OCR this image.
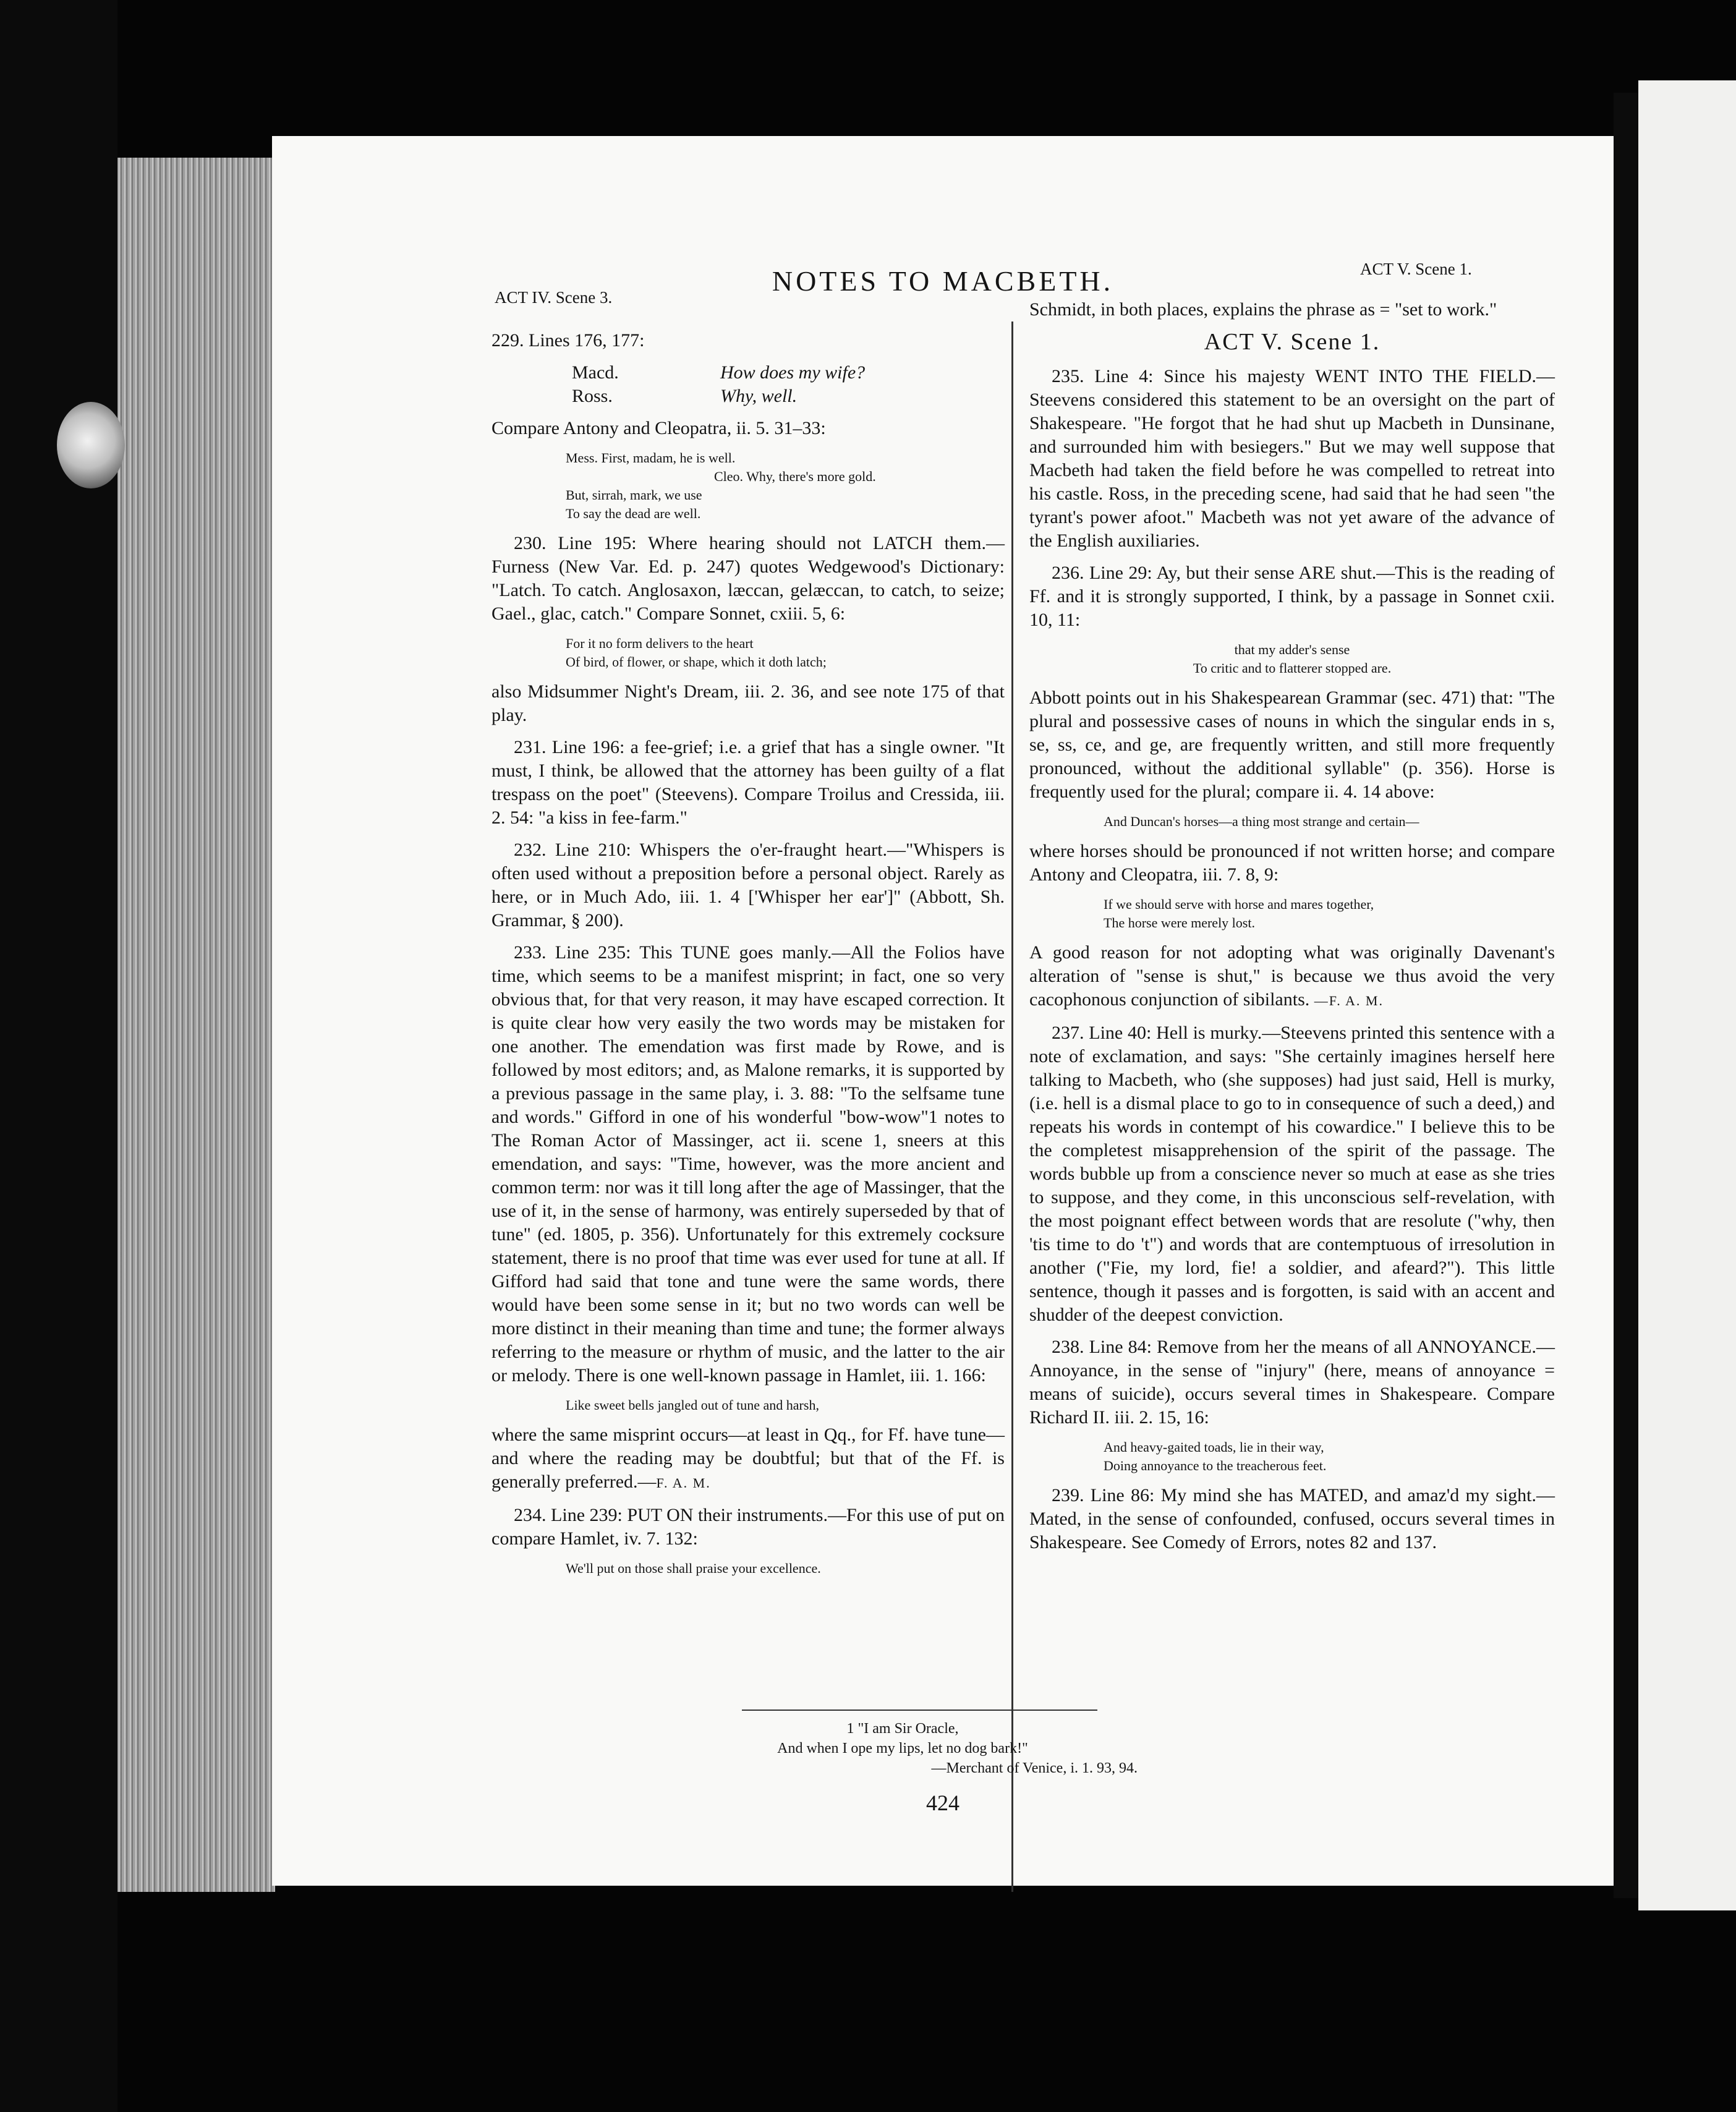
ACT IV. Scene 3.
NOTES TO MACBETH.	ACT V. Scene 1.

229. Lines 176, 177:

Macd.	How does my wife?
Ross.	Why, well.

Compare Antony and Cleopatra, ii. 5. 31–33:

Mess. First, madam, he is well.
Cleo. Why, there's more gold.
But, sirrah, mark, we use
To say the dead are well.

230. Line 195: Where hearing should not LATCH them.—Furness (New Var. Ed. p. 247) quotes Wedgewood's Dictionary: "Latch. To catch. Anglosaxon, læccan, gelæccan, to catch, to seize; Gael., glac, catch." Compare Sonnet, cxiii. 5, 6:

For it no form delivers to the heart
Of bird, of flower, or shape, which it doth latch;

also Midsummer Night's Dream, iii. 2. 36, and see note 175 of that play.

231. Line 196: a fee-grief; i.e. a grief that has a single owner. "It must, I think, be allowed that the attorney has been guilty of a flat trespass on the poet" (Steevens). Compare Troilus and Cressida, iii. 2. 54: "a kiss in fee-farm."

232. Line 210: Whispers the o'er-fraught heart.—"Whispers is often used without a preposition before a personal object. Rarely as here, or in Much Ado, iii. 1. 4 ['Whisper her ear']" (Abbott, Sh. Grammar, § 200).

233. Line 235: This TUNE goes manly.—All the Folios have time, which seems to be a manifest misprint; in fact, one so very obvious that, for that very reason, it may have escaped correction. It is quite clear how very easily the two words may be mistaken for one another. The emendation was first made by Rowe, and is followed by most editors; and, as Malone remarks, it is supported by a previous passage in the same play, i. 3. 88: "To the selfsame tune and words." Gifford in one of his wonderful "bow-wow"1 notes to The Roman Actor of Massinger, act ii. scene 1, sneers at this emendation, and says: "Time, however, was the more ancient and common term: nor was it till long after the age of Massinger, that the use of it, in the sense of harmony, was entirely superseded by that of tune" (ed. 1805, p. 356). Unfortunately for this extremely cocksure statement, there is no proof that time was ever used for tune at all. If Gifford had said that tone and tune were the same words, there would have been some sense in it; but no two words can well be more distinct in their meaning than time and tune; the former always referring to the measure or rhythm of music, and the latter to the air or melody. There is one well-known passage in Hamlet, iii. 1. 166:

Like sweet bells jangled out of tune and harsh,

where the same misprint occurs—at least in Qq., for Ff. have tune—and where the reading may be doubtful; but that of the Ff. is generally preferred.—F. A. M.

234. Line 239: PUT ON their instruments.—For this use of put on compare Hamlet, iv. 7. 132:

We'll put on those shall praise your excellence.

Schmidt, in both places, explains the phrase as = "set to work."

ACT V. Scene 1.

235. Line 4: Since his majesty WENT INTO THE FIELD.—Steevens considered this statement to be an oversight on the part of Shakespeare. "He forgot that he had shut up Macbeth in Dunsinane, and surrounded him with besiegers." But we may well suppose that Macbeth had taken the field before he was compelled to retreat into his castle. Ross, in the preceding scene, had said that he had seen "the tyrant's power afoot." Macbeth was not yet aware of the advance of the English auxiliaries.

236. Line 29: Ay, but their sense ARE shut.—This is the reading of Ff. and it is strongly supported, I think, by a passage in Sonnet cxii. 10, 11:

that my adder's sense
To critic and to flatterer stopped are.

Abbott points out in his Shakespearean Grammar (sec. 471) that: "The plural and possessive cases of nouns in which the singular ends in s, se, ss, ce, and ge, are frequently written, and still more frequently pronounced, without the additional syllable" (p. 356). Horse is frequently used for the plural; compare ii. 4. 14 above:

And Duncan's horses—a thing most strange and certain—

where horses should be pronounced if not written horse; and compare Antony and Cleopatra, iii. 7. 8, 9:

If we should serve with horse and mares together,
The horse were merely lost.

A good reason for not adopting what was originally Davenant's alteration of "sense is shut," is because we thus avoid the very cacophonous conjunction of sibilants. —F. A. M.

237. Line 40: Hell is murky.—Steevens printed this sentence with a note of exclamation, and says: "She certainly imagines herself here talking to Macbeth, who (she supposes) had just said, Hell is murky, (i.e. hell is a dismal place to go to in consequence of such a deed,) and repeats his words in contempt of his cowardice." I believe this to be the completest misapprehension of the spirit of the passage. The words bubble up from a conscience never so much at ease as she tries to suppose, and they come, in this unconscious self-revelation, with the most poignant effect between words that are resolute ("why, then 'tis time to do 't") and words that are contemptuous of irresolution in another ("Fie, my lord, fie! a soldier, and afeard?"). This little sentence, though it passes and is forgotten, is said with an accent and shudder of the deepest conviction.

238. Line 84: Remove from her the means of all ANNOYANCE.—Annoyance, in the sense of "injury" (here, means of annoyance = means of suicide), occurs several times in Shakespeare. Compare Richard II. iii. 2. 15, 16:

And heavy-gaited toads, lie in their way,
Doing annoyance to the treacherous feet.

239. Line 86: My mind she has MATED, and amaz'd my sight.—Mated, in the sense of confounded, confused, occurs several times in Shakespeare. See Comedy of Errors, notes 82 and 137.

1 "I am Sir Oracle,
And when I ope my lips, let no dog bark!"
—Merchant of Venice, i. 1. 93, 94.
424
